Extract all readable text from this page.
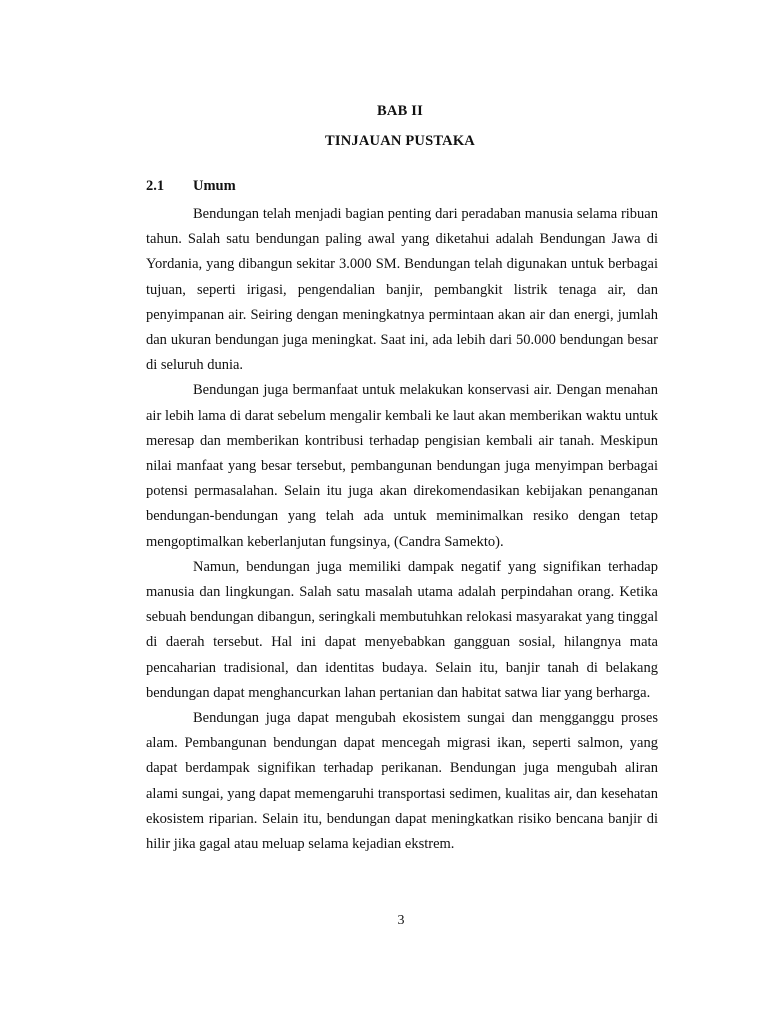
BAB II
TINJAUAN PUSTAKA
2.1 Umum

Bendungan telah menjadi bagian penting dari peradaban manusia selama ribuan tahun. Salah satu bendungan paling awal yang diketahui adalah Bendungan Jawa di Yordania, yang dibangun sekitar 3.000 SM. Bendungan telah digunakan untuk berbagai tujuan, seperti irigasi, pengendalian banjir, pembangkit listrik tenaga air, dan penyimpanan air. Seiring dengan meningkatnya permintaan akan air dan energi, jumlah dan ukuran bendungan juga meningkat. Saat ini, ada lebih dari 50.000 bendungan besar di seluruh dunia.

Bendungan juga bermanfaat untuk melakukan konservasi air. Dengan menahan air lebih lama di darat sebelum mengalir kembali ke laut akan memberikan waktu untuk meresap dan memberikan kontribusi terhadap pengisian kembali air tanah. Meskipun nilai manfaat yang besar tersebut, pembangunan bendungan juga menyimpan berbagai potensi permasalahan. Selain itu juga akan direkomendasikan kebijakan penanganan bendungan-bendungan yang telah ada untuk meminimalkan resiko dengan tetap mengoptimalkan keberlanjutan fungsinya, (Candra Samekto).

Namun, bendungan juga memiliki dampak negatif yang signifikan terhadap manusia dan lingkungan. Salah satu masalah utama adalah perpindahan orang. Ketika sebuah bendungan dibangun, seringkali membutuhkan relokasi masyarakat yang tinggal di daerah tersebut. Hal ini dapat menyebabkan gangguan sosial, hilangnya mata pencaharian tradisional, dan identitas budaya. Selain itu, banjir tanah di belakang bendungan dapat menghancurkan lahan pertanian dan habitat satwa liar yang berharga.

Bendungan juga dapat mengubah ekosistem sungai dan mengganggu proses alam. Pembangunan bendungan dapat mencegah migrasi ikan, seperti salmon, yang dapat berdampak signifikan terhadap perikanan. Bendungan juga mengubah aliran alami sungai, yang dapat memengaruhi transportasi sedimen, kualitas air, dan kesehatan ekosistem riparian. Selain itu, bendungan dapat meningkatkan risiko bencana banjir di hilir jika gagal atau meluap selama kejadian ekstrem.

3
